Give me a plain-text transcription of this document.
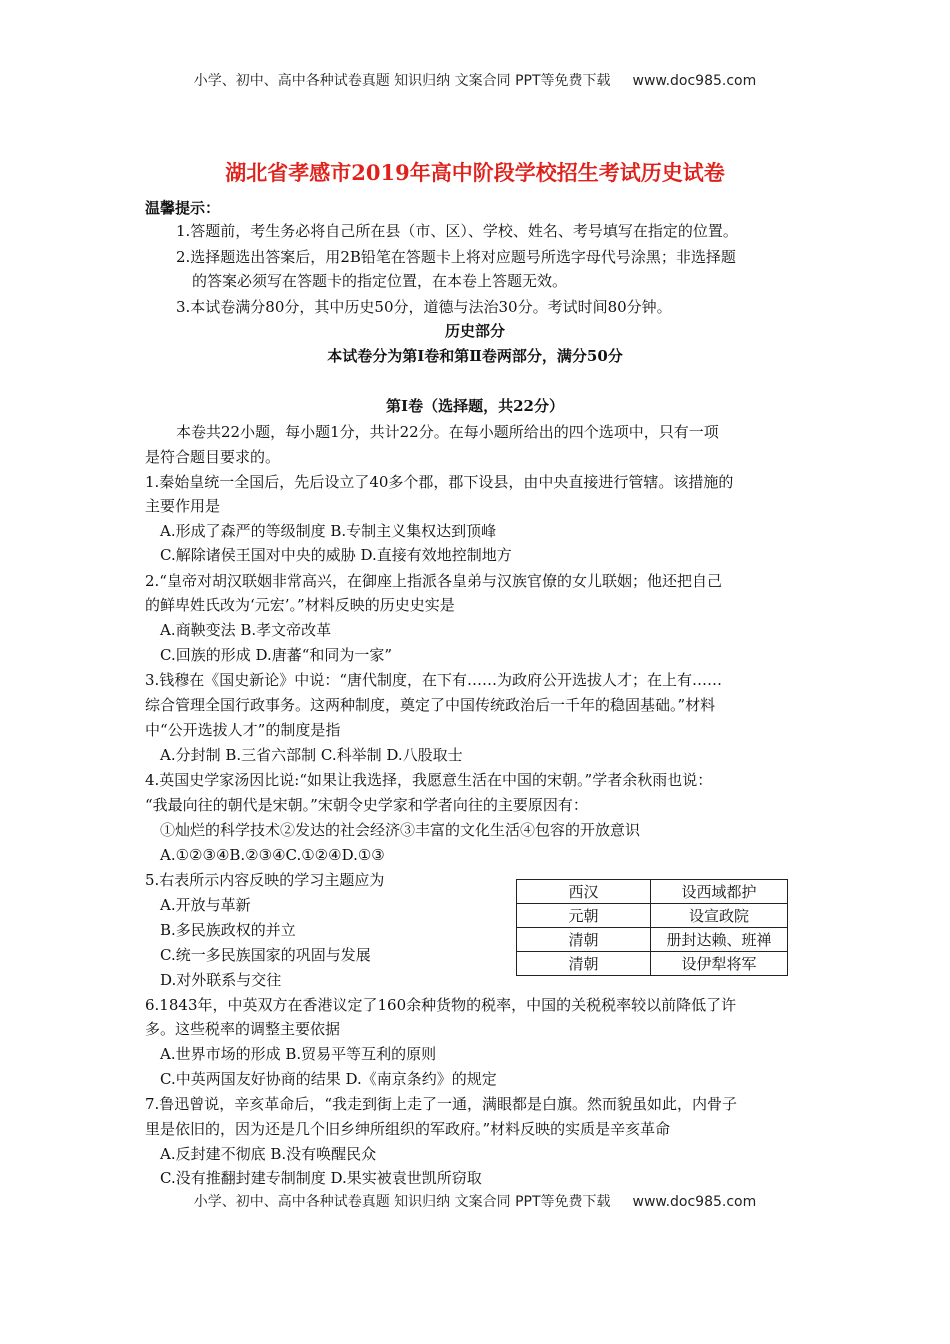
小学、初中、高中各种试卷真题 知识归纳 文案合同 PPT等免费下载 www.doc985.com
湖北省孝感市2019年高中阶段学校招生考试历史试卷
温馨提示：
1.答题前，考生务必将自己所在县（市、区）、学校、姓名、考号填写在指定的位置。
2.选择题选出答案后，用2B铅笔在答题卡上将对应题号所选字母代号涂黑；非选择题
的答案必须写在答题卡的指定位置，在本卷上答题无效。
3.本试卷满分80分，其中历史50分，道德与法治30分。考试时间80分钟。
历史部分
本试卷分为第Ⅰ卷和第Ⅱ卷两部分，满分50分
第Ⅰ卷（选择题，共22分）
本卷共22小题，每小题1分，共计22分。在每小题所给出的四个选项中，只有一项
是符合题目要求的。
1.秦始皇统一全国后，先后设立了40多个郡，郡下设县，由中央直接进行管辖。该措施的
主要作用是
A.形成了森严的等级制度 B.专制主义集权达到顶峰
C.解除诸侯王国对中央的威胁 D.直接有效地控制地方
2.“皇帝对胡汉联姻非常高兴，在御座上指派各皇弟与汉族官僚的女儿联姻；他还把自己
的鲜卑姓氏改为‘元宏’。”材料反映的历史史实是
A.商鞅变法 B.孝文帝改革
C.回族的形成 D.唐蕃“和同为一家”
3.钱穆在《国史新论》中说：“唐代制度，在下有……为政府公开选拔人才；在上有……
综合管理全国行政事务。这两种制度，奠定了中国传统政治后一千年的稳固基础。”材料
中“公开选拔人才”的制度是指
A.分封制 B.三省六部制 C.科举制 D.八股取士
4.英国史学家汤因比说:“如果让我选择，我愿意生活在中国的宋朝。”学者余秋雨也说：
“我最向往的朝代是宋朝。”宋朝令史学家和学者向往的主要原因有：
①灿烂的科学技术②发达的社会经济③丰富的文化生活④包容的开放意识
A.①②③④B.②③④C.①②④D.①③
5.右表所示内容反映的学习主题应为
A.开放与革新
B.多民族政权的并立
C.统一多民族国家的巩固与发展
D.对外联系与交往
西汉	设西域都护
元朝	设宣政院
清朝	册封达赖、班禅
清朝	设伊犁将军
6.1843年，中英双方在香港议定了160余种货物的税率，中国的关税税率较以前降低了许
多。这些税率的调整主要依据
A.世界市场的形成 B.贸易平等互利的原则
C.中英两国友好协商的结果 D.《南京条约》的规定
7.鲁迅曾说，辛亥革命后，“我走到街上走了一通，满眼都是白旗。然而貌虽如此，内骨子
里是依旧的，因为还是几个旧乡绅所组织的军政府。”材料反映的实质是辛亥革命
A.反封建不彻底 B.没有唤醒民众
C.没有推翻封建专制制度 D.果实被袁世凯所窃取
小学、初中、高中各种试卷真题 知识归纳 文案合同 PPT等免费下载 www.doc985.com
